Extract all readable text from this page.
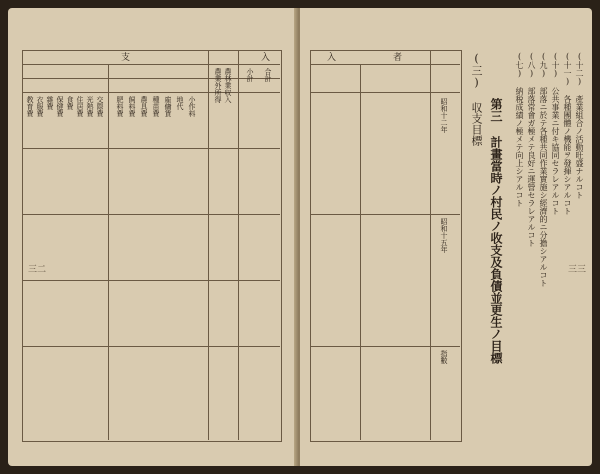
支	入
教育費 衣服費 雜費 保健費 食費 住居費 光熱費 交際費 肥料費 飼料費 農具費 種苗費 雇傭賃 地代 小作料
農業外所得 農林業収入 小計 合計
三二
入	者
昭和十二年
昭和十五年
指數
(三) 収支目標 第三 計畫當時ノ村民ノ收支及負債並更生ノ目標 (七) 納税成績ノ極メテ向上シアルコト (八) 部落常會ガ極メテ良好ニ運營セラレアルコト (九) 部落ニ於テ各種共同作業實施シ經濟的ニ分擔シアルコト (十) 公共事業ニ付キ協同セラレアルコト (十一) 各種團體ノ機能ヲ發揮シアルコト (十二) 產業組合ノ活動旺盛ナルコト
三三
